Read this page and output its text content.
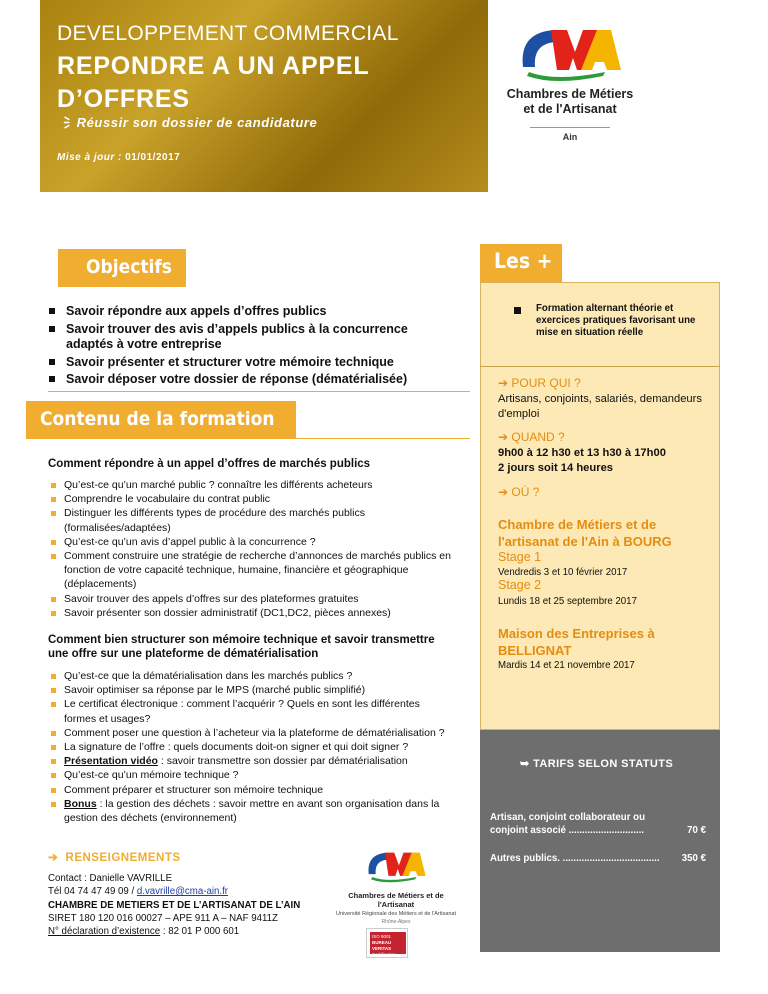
DEVELOPPEMENT COMMERCIAL
REPONDRE A UN APPEL D’OFFRES
🗦 Réussir son dossier de candidature
Mise à jour : 01/01/2017
Chambres de Métiers
et de l'Artisanat
Ain
Objectifs
Savoir répondre aux appels d’offres publics
Savoir trouver des avis d’appels publics à la concurrence adaptés à votre entreprise
Savoir présenter et structurer votre mémoire technique
Savoir déposer votre dossier de réponse (dématérialisée)
Contenu de la formation
Comment répondre à un appel d’offres de marchés publics
Qu’est-ce qu’un marché public ? connaître les différents acheteurs
Comprendre le vocabulaire du contrat public
Distinguer les différents types de procédure des marchés publics (formalisées/adaptées)
Qu’est-ce qu’un avis d’appel public à la concurrence ?
Comment construire une stratégie de recherche d’annonces de marchés publics en fonction de votre capacité technique, humaine, financière et géographique (déplacements)
Savoir trouver des appels d’offres sur des plateformes gratuites
Savoir présenter son dossier administratif (DC1,DC2, pièces annexes)
Comment bien structurer son mémoire technique et savoir transmettre une offre sur une plateforme de dématérialisation
Qu’est-ce que la dématérialisation dans les marchés publics ?
Savoir optimiser sa réponse par le MPS (marché public simplifié)
Le certificat électronique : comment l’acquérir ? Quels en sont les différentes formes et usages?
Comment poser une question à l’acheteur via la plateforme de dématérialisation ?
La signature de l’offre : quels documents doit-on signer et qui doit signer ?
Présentation vidéo : savoir transmettre son dossier par dématérialisation
Qu’est-ce qu’un mémoire technique ?
Comment préparer et structurer son mémoire technique
Bonus : la gestion des déchets : savoir mettre en avant son organisation dans la gestion des déchets (environnement)
➔ RENSEIGNEMENTS
Contact : Danielle VAVRILLE
Tél 04 74 47 49 09 / d.vavrille@cma-ain.fr
CHAMBRE DE METIERS ET DE L’ARTISANAT DE L’AIN
SIRET 180 120 016 00027 – APE 911 A – NAF 9411Z
N° déclaration d’existence : 82 01 P 000 601
Chambres de Métiers et de l'Artisanat
Université Régionale des Métiers et de l'Artisanat
Rhône-Alpes
ISO 9001
BUREAU VERITAS
Certification
Les +
Formation alternant théorie et exercices pratiques favorisant une mise en situation réelle
➔ POUR QUI ?
Artisans, conjoints, salariés, demandeurs d'emploi
➔ QUAND ?
9h00 à 12 h30 et 13 h30 à 17h00
2 jours soit 14 heures
➔ OÙ ?
Chambre de Métiers et de l'artisanat de l'Ain à BOURG
Stage 1
Vendredis 3 et 10 février 2017
Stage 2
Lundis 18 et 25 septembre 2017
Maison des Entreprises à BELLIGNAT
Mardis 14 et 21 novembre 2017
➥ TARIFS SELON STATUTS
Artisan, conjoint collaborateur ou conjoint associé ............................	70 €
Autres publics. .................................... 350 €
